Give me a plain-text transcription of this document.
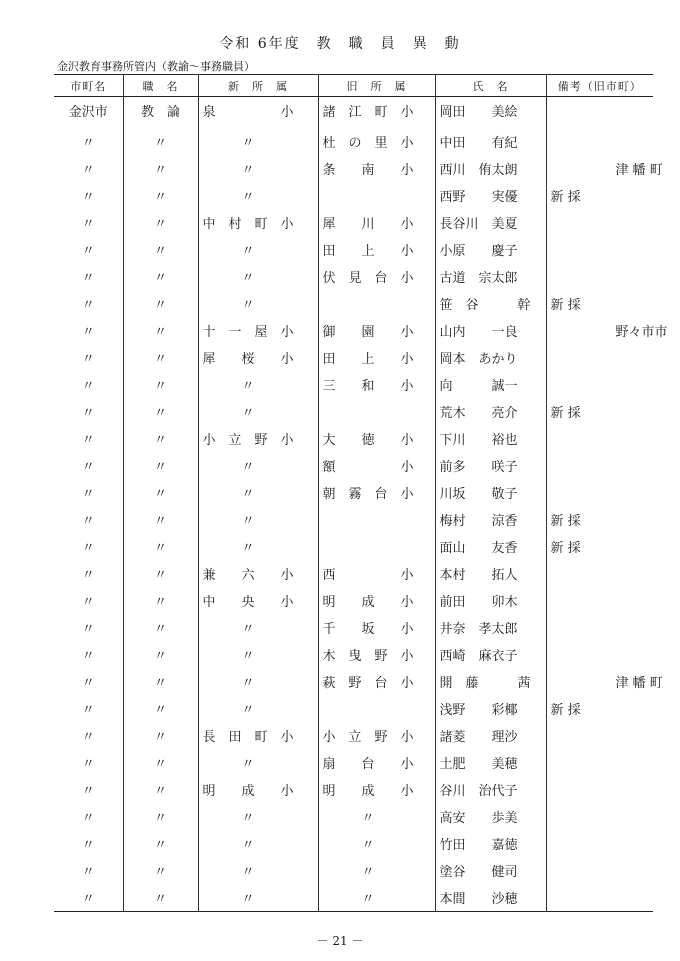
令和 6年度　教　職　員　異　動
金沢教育事務所管内（教諭～事務職員）
市町名	職　名	新　所　属	旧　所　属	氏　名	備考（旧市町）
金沢市	教　論	泉　　　　　小	諸　江　町　小	岡田　　美絵	
〃	〃	　　　〃	杜　の　里　小	中田　　有紀	
〃	〃	　　　〃	条　　南　　小	西川　侑太朗	　　　　　津 幡 町
〃	〃	　　　〃		西野　　実優	新 採
〃	〃	中　村　町　小	犀　　川　　小	長谷川　美夏	
〃	〃	　　　〃	田　　上　　小	小原　　慶子	
〃	〃	　　　〃	伏　見　台　小	古道　宗太郎	
〃	〃	　　　〃		笹　谷　　　幹	新 採
〃	〃	十　一　屋　小	御　　園　　小	山内　　一良	　　　　　野々市市
〃	〃	犀　　桜　　小	田　　上　　小	岡本　あかり	
〃	〃	　　　〃	三　　和　　小	向　　　誠一	
〃	〃	　　　〃		荒木　　亮介	新 採
〃	〃	小　立　野　小	大　　徳　　小	下川　　裕也	
〃	〃	　　　〃	額　　　　　小	前多　　咲子	
〃	〃	　　　〃	朝　霧　台　小	川坂　　敬子	
〃	〃	　　　〃		梅村　　涼香	新 採
〃	〃	　　　〃		面山　　友香	新 採
〃	〃	兼　　六　　小	西　　　　　小	本村　　拓人	
〃	〃	中　　央　　小	明　　成　　小	前田　　卯木	
〃	〃	　　　〃	千　　坂　　小	井奈　孝太郎	
〃	〃	　　　〃	木　曳　野　小	西崎　麻衣子	
〃	〃	　　　〃	萩　野　台　小	開　藤　　　茜	　　　　　津 幡 町
〃	〃	　　　〃		浅野　　彩椰	新 採
〃	〃	長　田　町　小	小　立　野　小	諸菱　　理沙	
〃	〃	　　　〃	扇　　台　　小	土肥　　美穂	
〃	〃	明　　成　　小	明　　成　　小	谷川　治代子	
〃	〃	　　　〃	　　　〃	高安　　歩美	
〃	〃	　　　〃	　　　〃	竹田　　嘉徳	
〃	〃	　　　〃	　　　〃	塗谷　　健司	
〃	〃	　　　〃	　　　〃	本間　　沙穂	
－ 21 －
